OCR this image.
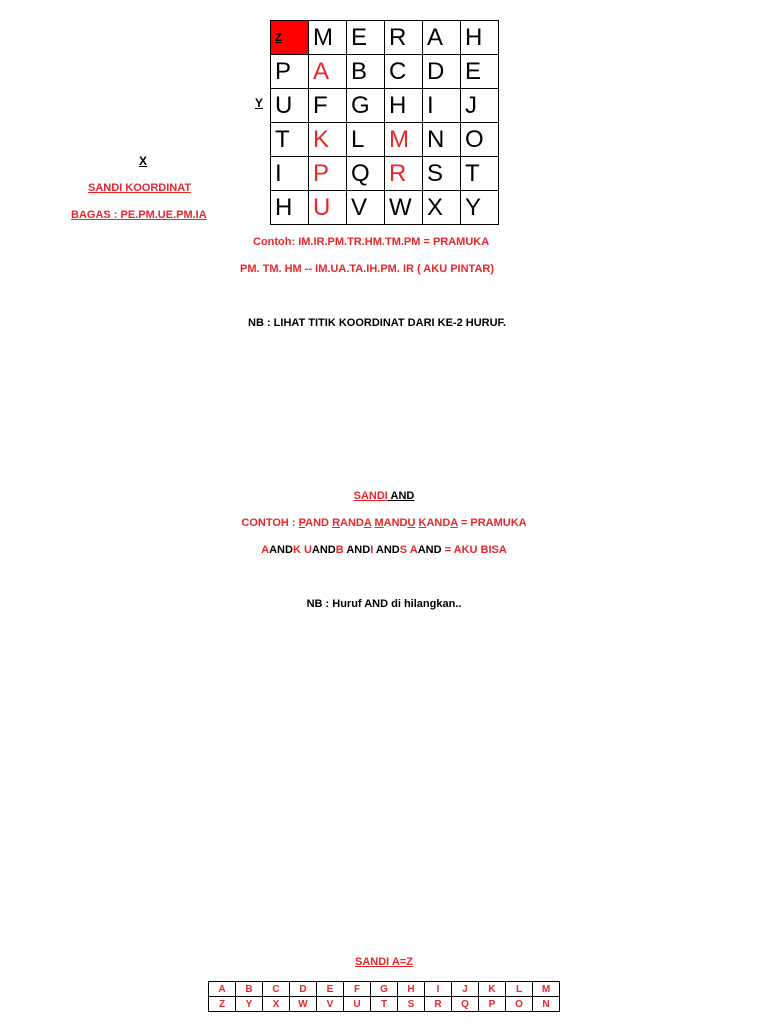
Z	M	E	R	A	H
P	A	B	C	D	E
U	F	G	H	I	J
T	K	L	M	N	O
I	P	Q	R	S	T
H	U	V	W	X	Y
Y
X
SANDI KOORDINAT
BAGAS : PE.PM.UE.PM.IA
Contoh: IM.IR.PM.TR.HM.TM.PM = PRAMUKA
PM. TM. HM -- IM.UA.TA.IH.PM. IR ( AKU PINTAR)
NB : LIHAT TITIK KOORDINAT DARI KE-2 HURUF.
SANDI AND
CONTOH : PAND RANDA MANDU KANDA = PRAMUKA
AANDK UANDB ANDI ANDS AAND = AKU BISA
NB : Huruf AND di hilangkan..
SANDI A=Z
A	B	C	D	E	F	G	H	I	J	K	L	M
Z	Y	X	W	V	U	T	S	R	Q	P	O	N
